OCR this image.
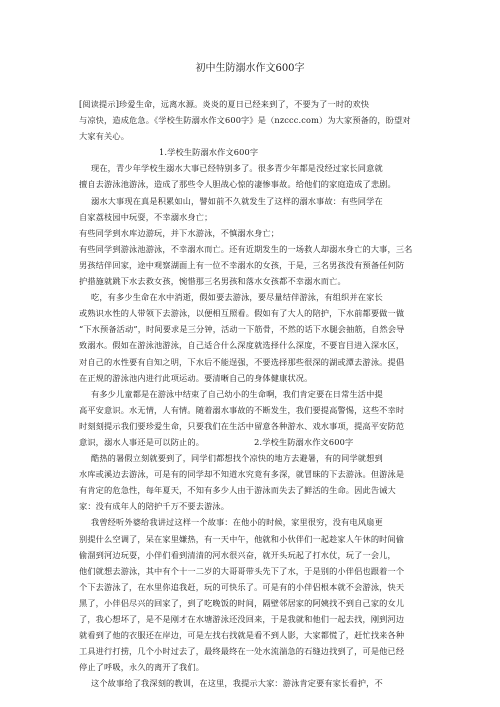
初中生防溺水作文600字

[阅读提示]珍爱生命，远离水源。炎炎的夏日已经来到了，不要为了一时的欢快

与凉快，造成危急。《学校生防溺水作文600字》是（nzccc.com）为大家预备的，盼望对

大家有关心。

1.学校生防溺水作文600字

现在，青少年学校生溺水大事已经特别多了。很多青少年都是没经过家长同意就

擅自去游泳池游泳，造成了那些令人胆战心惊的凄惨事故。给他们的家庭造成了悲剧。

溺水大事现在真是积累如山，譬如前不久就发生了这样的溺水事故：有些同学在

自家荔枝园中玩耍，不幸溺水身亡；

有些同学到水库边游玩，并下水游泳，不慎溺水身亡；

有些同学到游泳池游泳，不幸溺水而亡。还有近期发生的一场救人却溺水身亡的大事，三名

男孩结伴回家，途中观察湖面上有一位不幸溺水的女孩，于是，三名男孩没有预备任何防

护措施就跳下水去救女孩，惋惜那三名男孩和落水女孩都不幸溺水而亡。

吃，有多少生命在水中消逝，假如要去游泳，要尽量结伴游泳，有组织并在家长

或熟识水性的人带领下去游泳，以便相互照看。假如有了大人的陪护，下水前都要做一做

“下水预备活动”，时间要求是三分钟，活动一下筋骨，不然的话下水腿会抽筋，自然会导

致溺水。假如在游泳池游泳，自己适合什么深度就选择什么深度，不要盲目进入深水区，

对自己的水性要有自知之明，下水后不能逞强，不要选择那些很深的湖或潭去游泳。提倡

在正规的游泳池内进行此项运动。要清晰自己的身体健康状况。

有多少儿童都是在游泳中结束了自己幼小的生命啊，我们肯定要在日常生活中提

高平安意识。水无情，人有情。随着溺水事故的不断发生，我们要提高警惕，这些不幸时

时刻刻提示我们要珍爱生命，只要我们在生活中留意各种游水、戏水事项，提高平安防范

意识，溺水人事还是可以防止的。	2.学校生防溺水作文600字

酷热的暑假立刻就要到了，同学们都想找个凉快的地方去避暑，有的同学就想到

水库或溪边去游泳，可是有的同学却不知道水究竟有多深，就冒昧的下去游泳。但游泳是

有肯定的危急性，每年夏天，不知有多少人由于游泳而失去了鲜活的生命。因此告诫大

家：没有成年人的陪护千万不要去游泳。

我曾经听外婆给我讲过这样一个故事：在他小的时候，家里很穷，没有电风扇更

别提什么空调了，呆在家里嫌热，有一天中午，他就和小伙伴们一起趁家人午休的时间偷

偷溜到河边玩耍，小伴们看到清清的河水很兴奋，就开头玩起了打水仗，玩了一会儿，

他们就想去游泳，其中有个十一二岁的大哥哥带头先下了水，于是别的小伴侣也跟着一个

个下去游泳了，在水里你追我赶，玩的可快乐了。可是有的小伴侣根本就不会游泳，快天

黑了，小伴侣尽兴的回家了，到了吃晚饭的时间，隔壁邻居家的阿姨找不到自己家的女儿

了，我心想坏了，是不是刚才在水塘游泳还没回来，于是我就和他们一起去找，刚到河边

就看到了他的衣服还在岸边，可是左找右找就是看不到人影，大家都慌了，赶忙找来各种

工具进行打捞，几个小时过去了，最终最终在一处水流湍急的石缝边找到了，可是他已经

停止了呼吸，永久的离开了我们。

这个故事给了我深刻的教训，在这里，我提示大家：游泳肯定要有家长看护，不
